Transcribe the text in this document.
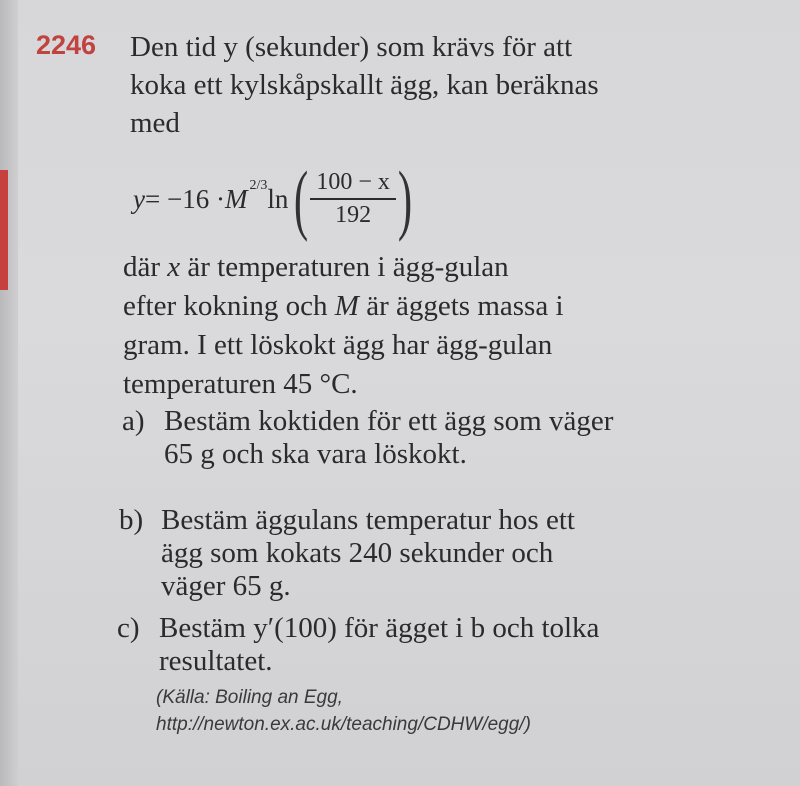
2246 Den tid y (sekunder) som krävs för att
koka ett kylskåpskallt ägg, kan beräknas
med
y = −16 · M 2/3 ln ( $\frac{100 - x}{192}$ )
där x är temperaturen i ägg-gulan
efter kokning och M är äggets massa i
gram. I ett löskokt ägg har ägg-gulan
temperaturen 45 °C.
a) Bestäm koktiden för ett ägg som väger
65 g och ska vara löskokt.
b) Bestäm äggulans temperatur hos ett
ägg som kokats 240 sekunder och
väger 65 g.
c) Bestäm y′(100) för ägget i b och tolka
resultatet.
(Källa: Boiling an Egg,
http://newton.ex.ac.uk/teaching/CDHW/egg/)
